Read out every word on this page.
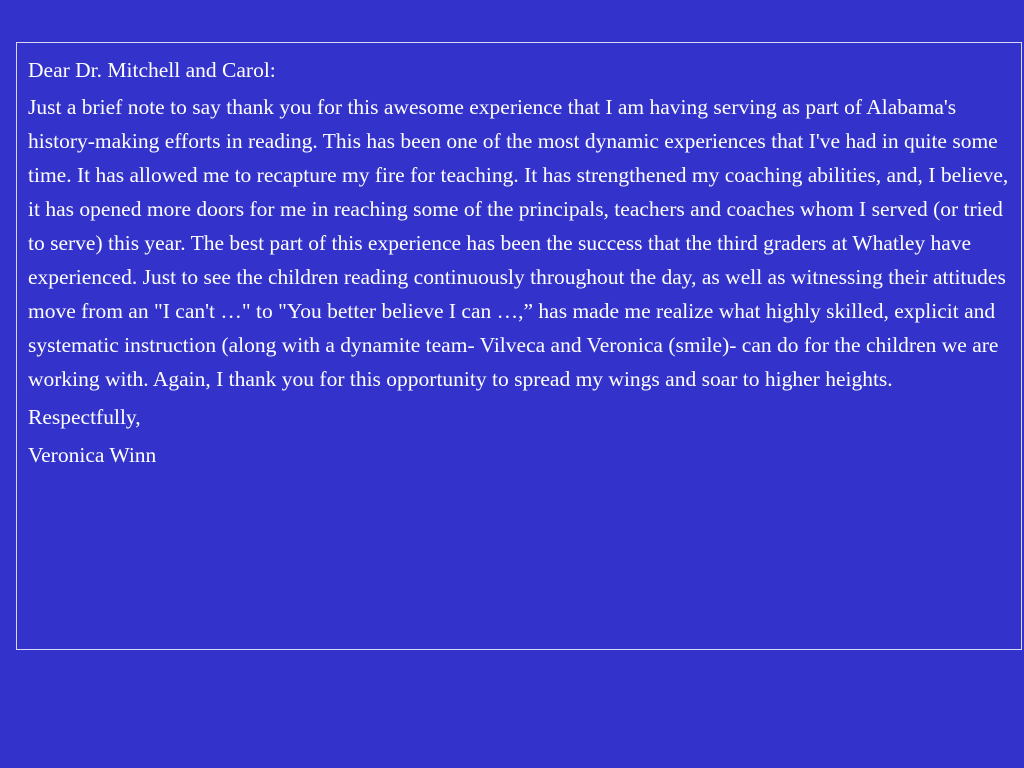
Dear Dr. Mitchell and Carol:

Just a brief note to say thank you for this awesome experience that I am having serving as part of Alabama's history-making efforts in reading. This has been one of the most dynamic experiences that I've had in quite some time. It has allowed me to recapture my fire for teaching. It has strengthened my coaching abilities, and, I believe, it has opened more doors for me in reaching some of the principals, teachers and coaches whom I served (or tried to serve) this year. The best part of this experience has been the success that the third graders at Whatley have experienced. Just to see the children reading continuously throughout the day, as well as witnessing their attitudes move from an "I can't …" to "You better believe I can …,” has made me realize what highly skilled, explicit and systematic instruction (along with a dynamite team- Vilveca and Veronica (smile)- can do for the children we are working with. Again, I thank you for this opportunity to spread my wings and soar to higher heights.

Respectfully,

Veronica Winn
